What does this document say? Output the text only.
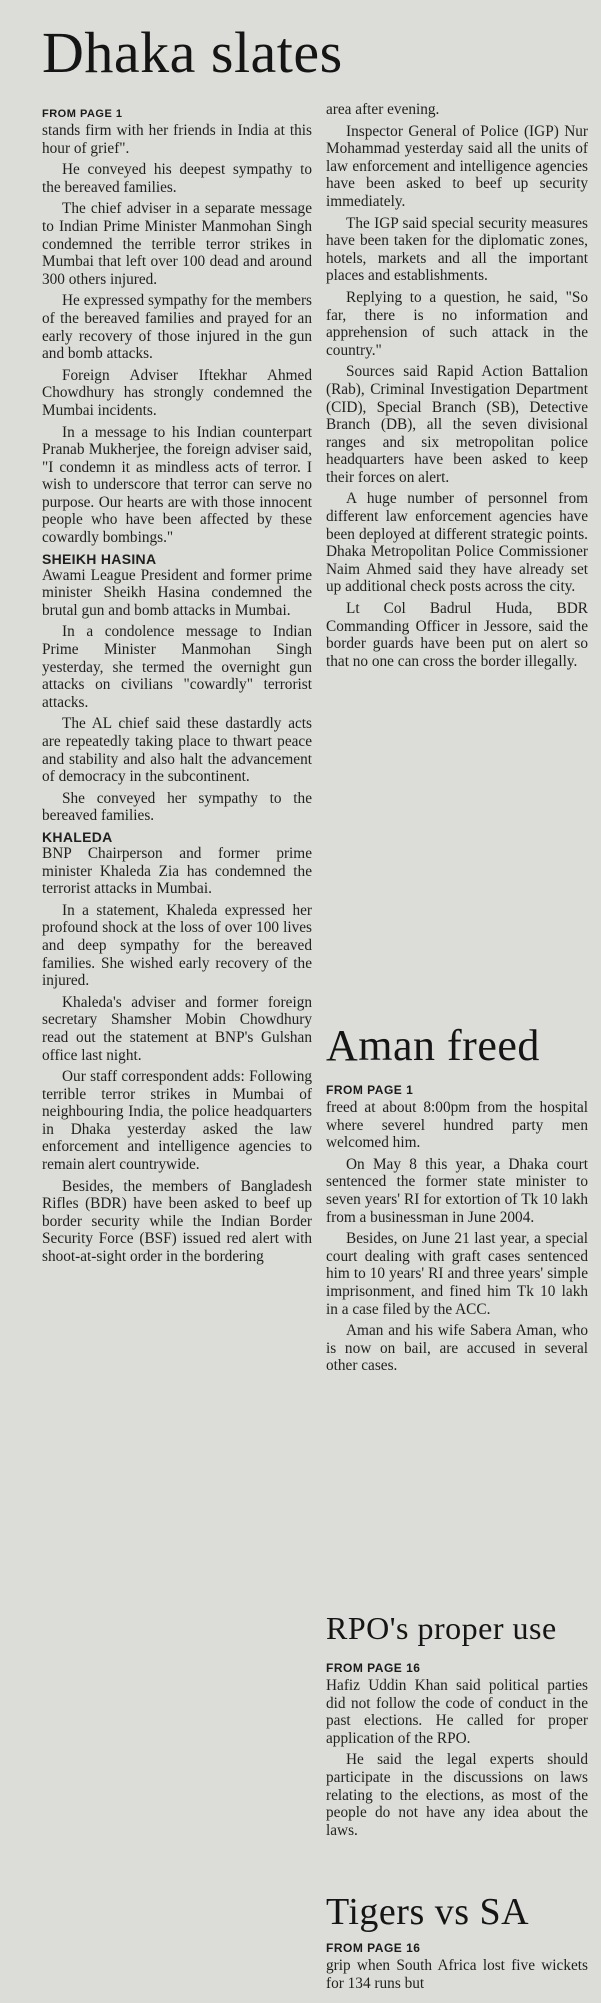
Dhaka slates
FROM PAGE 1

stands firm with her friends in India at this hour of grief".

He conveyed his deepest sympathy to the bereaved families.

The chief adviser in a separate message to Indian Prime Minister Manmohan Singh condemned the terrible terror strikes in Mumbai that left over 100 dead and around 300 others injured.

He expressed sympathy for the members of the bereaved families and prayed for an early recovery of those injured in the gun and bomb attacks.

Foreign Adviser Iftekhar Ahmed Chowdhury has strongly condemned the Mumbai incidents.

In a message to his Indian counterpart Pranab Mukherjee, the foreign adviser said, "I condemn it as mindless acts of terror. I wish to underscore that terror can serve no purpose. Our hearts are with those innocent people who have been affected by these cowardly bombings."

SHEIKH HASINA

Awami League President and former prime minister Sheikh Hasina condemned the brutal gun and bomb attacks in Mumbai.

In a condolence message to Indian Prime Minister Manmohan Singh yesterday, she termed the overnight gun attacks on civilians "cowardly" terrorist attacks.

The AL chief said these dastardly acts are repeatedly taking place to thwart peace and stability and also halt the advancement of democracy in the subcontinent.

She conveyed her sympathy to the bereaved families.

KHALEDA

BNP Chairperson and former prime minister Khaleda Zia has condemned the terrorist attacks in Mumbai.

In a statement, Khaleda expressed her profound shock at the loss of over 100 lives and deep sympathy for the bereaved families. She wished early recovery of the injured.

Khaleda's adviser and former foreign secretary Shamsher Mobin Chowdhury read out the statement at BNP's Gulshan office last night.

Our staff correspondent adds: Following terrible terror strikes in Mumbai of neighbouring India, the police headquarters in Dhaka yesterday asked the law enforcement and intelligence agencies to remain alert countrywide.

Besides, the members of Bangladesh Rifles (BDR) have been asked to beef up border security while the Indian Border Security Force (BSF) issued red alert with shoot-at-sight order in the bordering

area after evening.

Inspector General of Police (IGP) Nur Mohammad yesterday said all the units of law enforcement and intelligence agencies have been asked to beef up security immediately.

The IGP said special security measures have been taken for the diplomatic zones, hotels, markets and all the important places and establishments.

Replying to a question, he said, "So far, there is no information and apprehension of such attack in the country."

Sources said Rapid Action Battalion (Rab), Criminal Investigation Department (CID), Special Branch (SB), Detective Branch (DB), all the seven divisional ranges and six metropolitan police headquarters have been asked to keep their forces on alert.

A huge number of personnel from different law enforcement agencies have been deployed at different strategic points. Dhaka Metropolitan Police Commissioner Naim Ahmed said they have already set up additional check posts across the city.

Lt Col Badrul Huda, BDR Commanding Officer in Jessore, said the border guards have been put on alert so that no one can cross the border illegally.

Aman freed
FROM PAGE 1

freed at about 8:00pm from the hospital where severel hundred party men welcomed him.

On May 8 this year, a Dhaka court sentenced the former state minister to seven years' RI for extortion of Tk 10 lakh from a businessman in June 2004.

Besides, on June 21 last year, a special court dealing with graft cases sentenced him to 10 years' RI and three years' simple imprisonment, and fined him Tk 10 lakh in a case filed by the ACC.

Aman and his wife Sabera Aman, who is now on bail, are accused in several other cases.

RPO's proper use
FROM PAGE 16

Hafiz Uddin Khan said political parties did not follow the code of conduct in the past elections. He called for proper application of the RPO.

He said the legal experts should participate in the discussions on laws relating to the elections, as most of the people do not have any idea about the laws.

Tigers vs SA
FROM PAGE 16

grip when South Africa lost five wickets for 134 runs but
